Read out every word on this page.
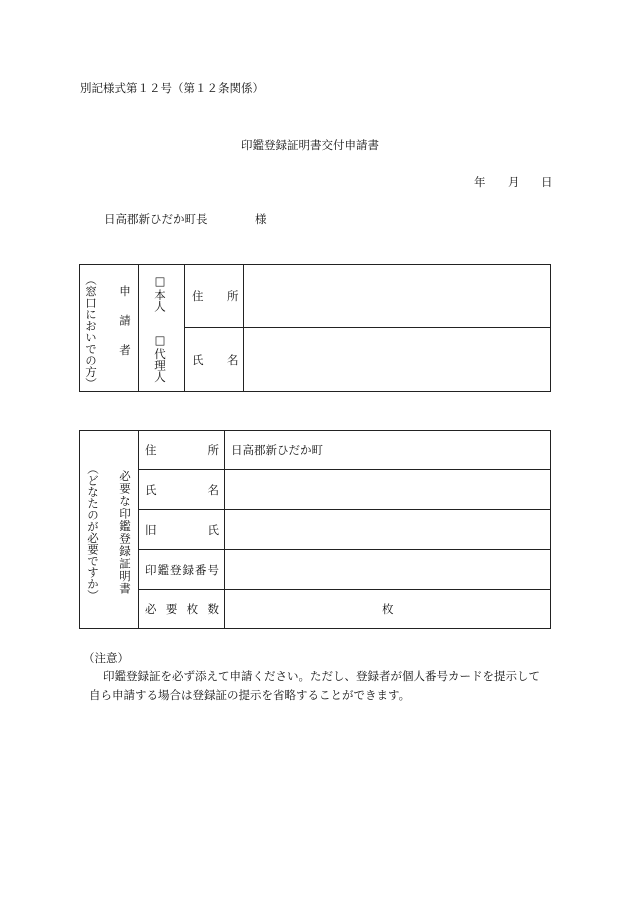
別記様式第１２号（第１２条関係）
印鑑登録証明書交付申請書
年 月 日
日高郡新ひだか町長	様
（窓口においでの方） 申請者
□
本人
□
代理人
住　所
氏　名
（どなたのが必要ですか） 必要な印鑑登録証明書
住　　　所
氏　　　名
旧　　　氏
印鑑登録番号
必 要 枚 数
日高郡新ひだか町
枚
（注意）
印鑑登録証を必ず添えて申請ください。ただし、登録者が個人番号カードを提示して
自ら申請する場合は登録証の提示を省略することができます。
